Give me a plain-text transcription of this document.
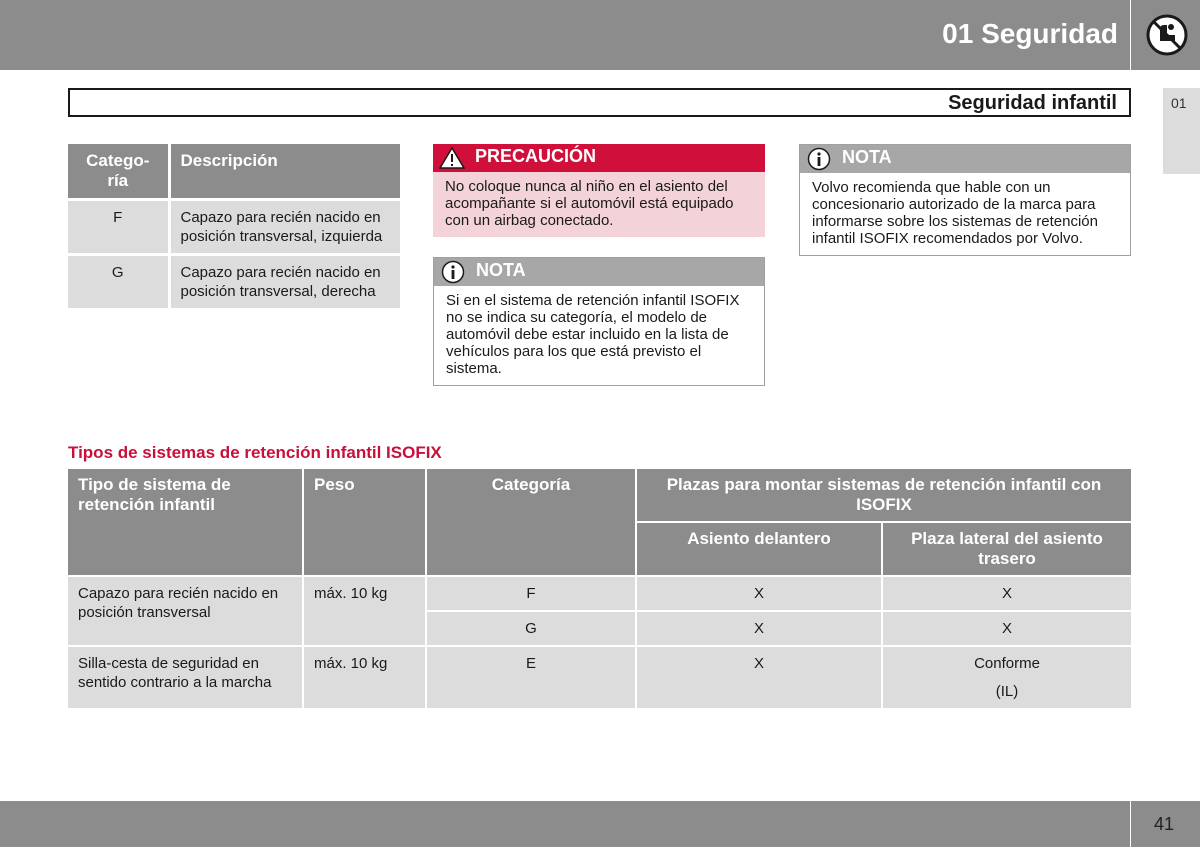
01 Seguridad
01
Seguridad infantil
Catego-
ría	Descripción
F	Capazo para recién nacido en posición transversal, izquierda
G	Capazo para recién nacido en posición transversal, derecha
PRECAUCIÓN
No coloque nunca al niño en el asiento del acompañante si el automóvil está equipado con un airbag conectado.
NOTA
Si en el sistema de retención infantil ISOFIX no se indica su categoría, el modelo de automóvil debe estar incluido en la lista de vehículos para los que está previsto el sistema.
NOTA
Volvo recomienda que hable con un concesionario autorizado de la marca para informarse sobre los sistemas de retención infantil ISOFIX recomendados por Volvo.
Tipos de sistemas de retención infantil ISOFIX
Tipo de sistema de retención infantil	Peso	Categoría	Plazas para montar sistemas de retención infantil con ISOFIX	
			Asiento delantero	Plaza lateral del asiento trasero
Capazo para recién nacido en posición transversal	máx. 10 kg	F	X	X
		G	X	X
Silla-cesta de seguridad en sentido contrario a la marcha	máx. 10 kg	E	X	Conforme
(IL)
41
